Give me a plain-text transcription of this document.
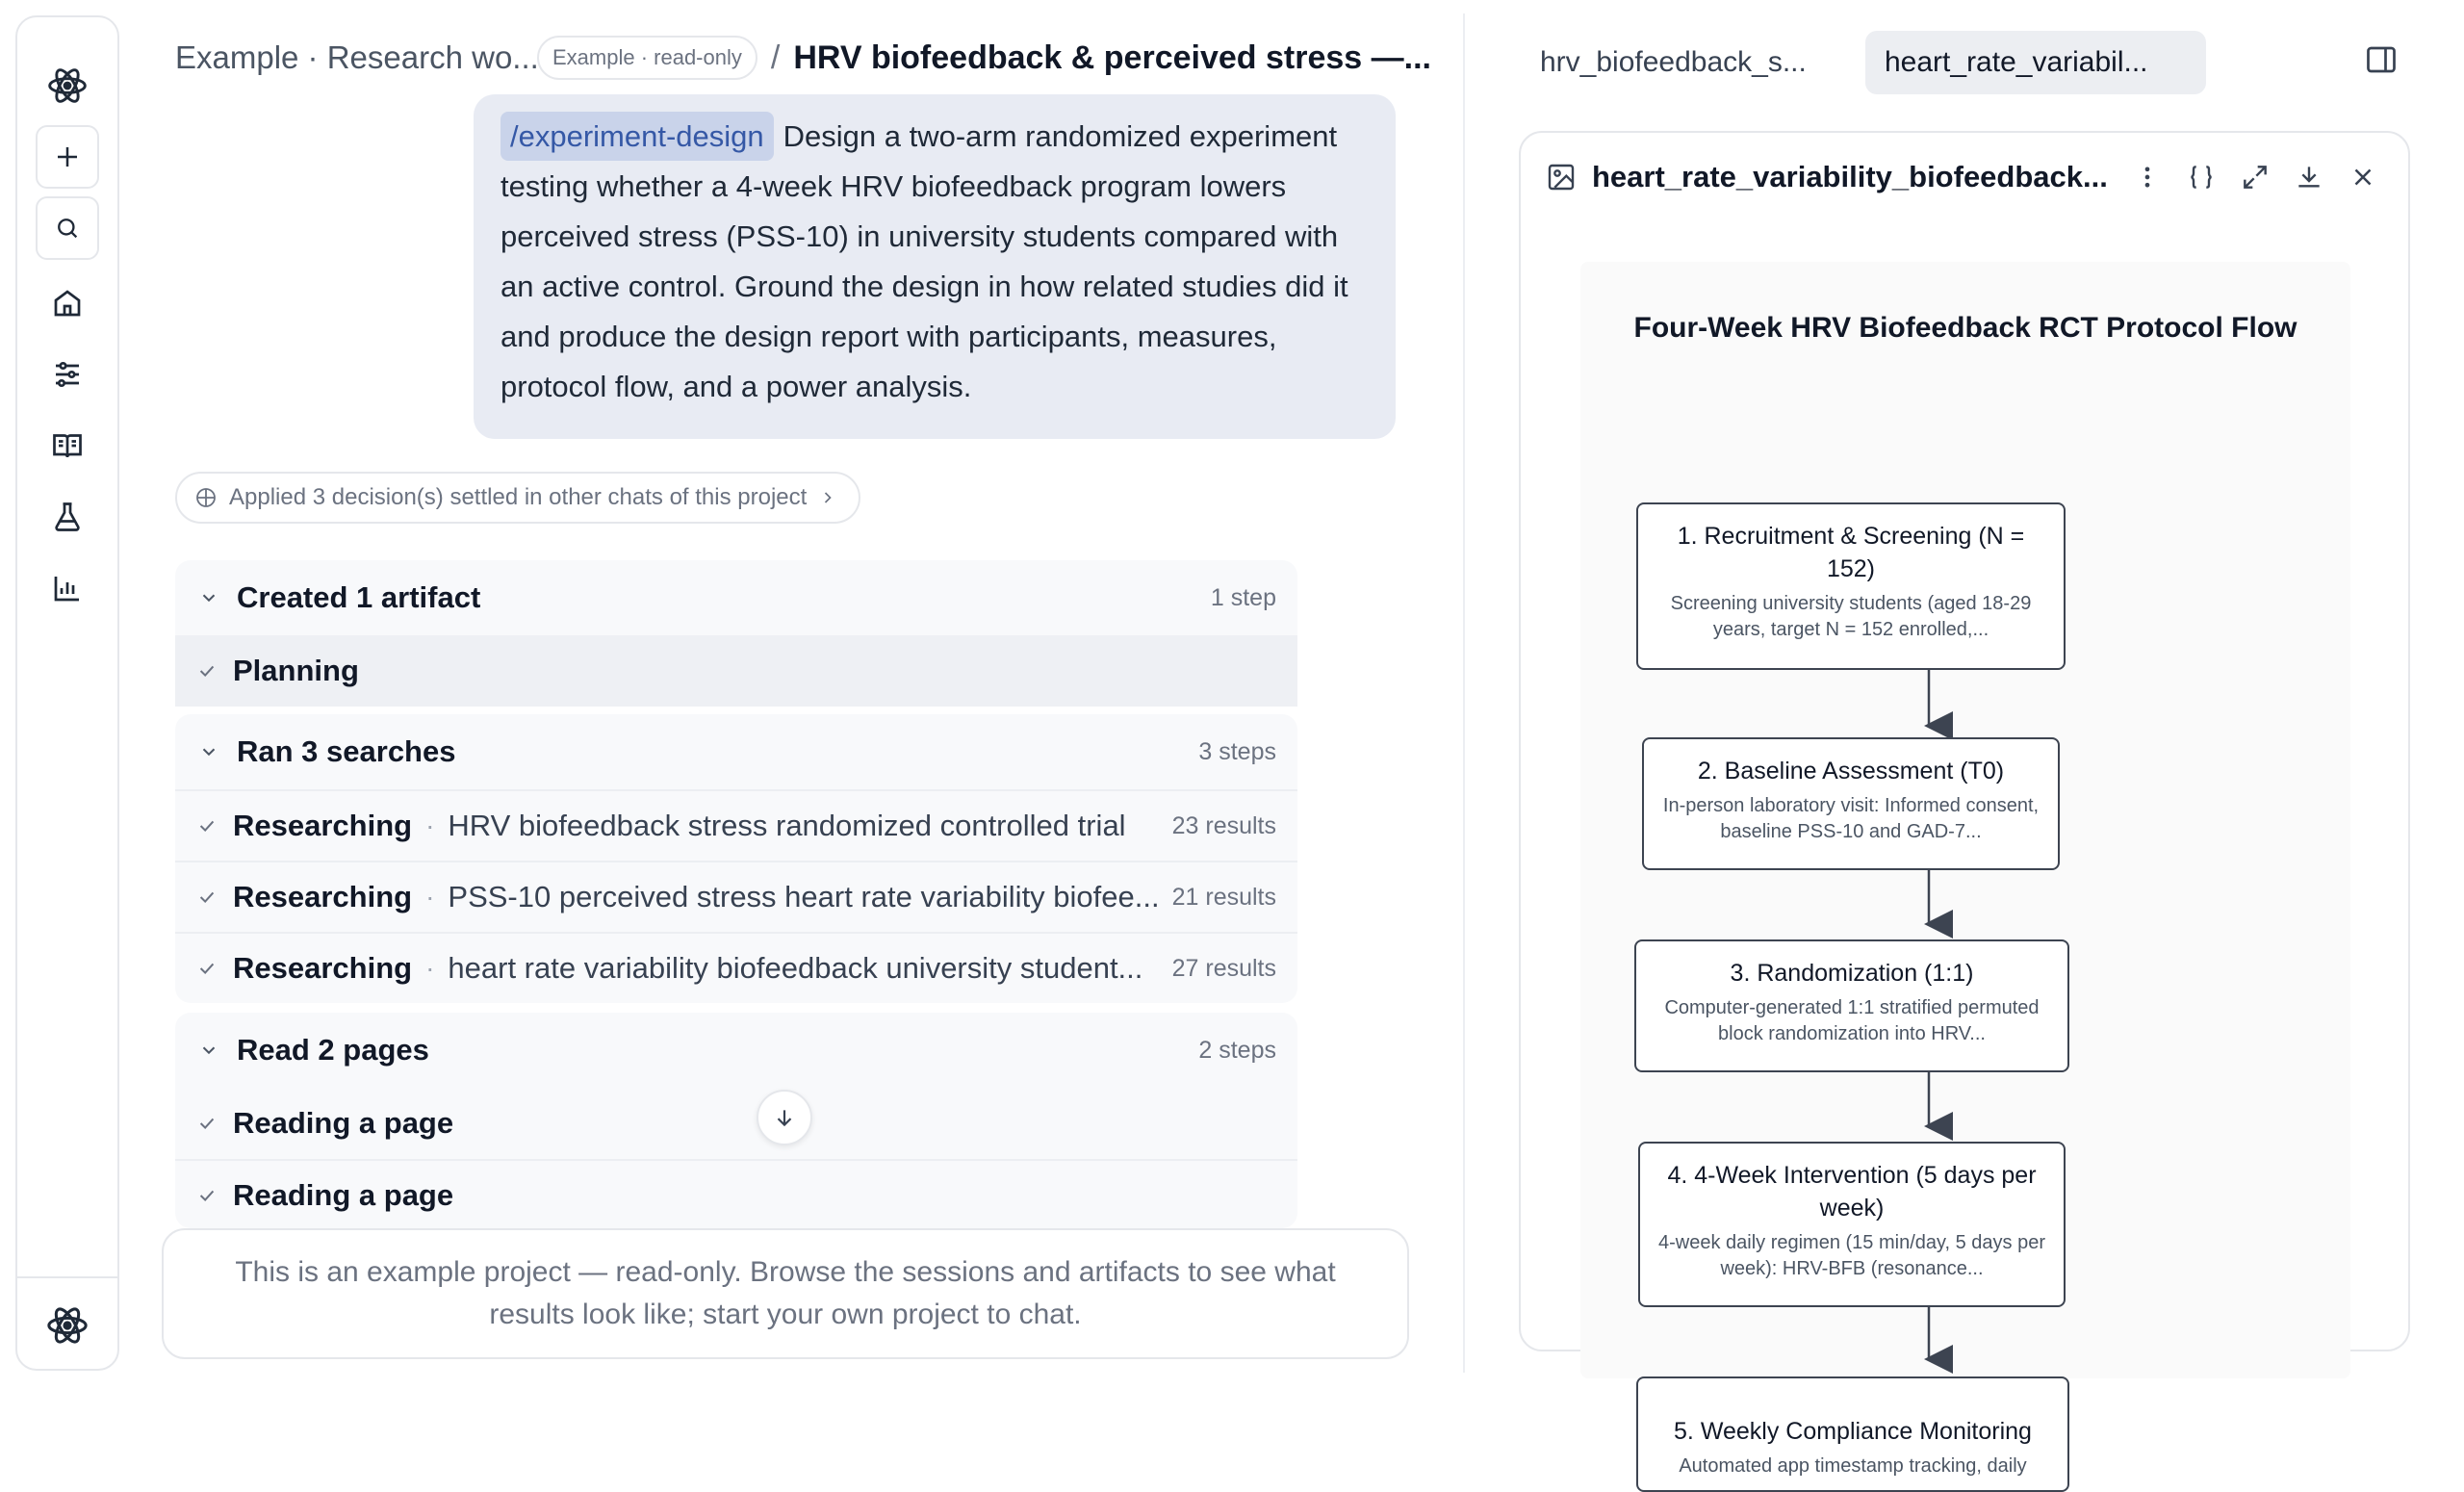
Example · Research wo... Example · read-only / HRV biofeedback & perceived stress —...
/experiment-design Design a two-arm randomized experiment testing whether a 4-week HRV biofeedback program lowers perceived stress (PSS-10) in university students compared with an active control. Ground the design in how related studies did it and produce the design report with participants, measures, protocol flow, and a power analysis.
Applied 3 decision(s) settled in other chats of this project
Created 1 artifact	1 step
Planning
Ran 3 searches	3 steps
Researching · HRV biofeedback stress randomized controlled trial	23 results
Researching · PSS-10 perceived stress heart rate variability biofee... 21 results
Researching · heart rate variability biofeedback university student...	27 results
Read 2 pages	2 steps
Reading a page
Reading a page
This is an example project — read-only. Browse the sessions and artifacts to see what results look like; start your own project to chat.
hrv_biofeedback_s...	heart_rate_variabil...
heart_rate_variability_biofeedback...
Four-Week HRV Biofeedback RCT Protocol Flow
1. Recruitment & Screening (N = 152)
Screening university students (aged 18-29 years, target N = 152 enrolled,...
2. Baseline Assessment (T0)
In-person laboratory visit: Informed consent, baseline PSS-10 and GAD-7...
3. Randomization (1:1)
Computer-generated 1:1 stratified permuted block randomization into HRV...
4. 4-Week Intervention (5 days per week)
4-week daily regimen (15 min/day, 5 days per week): HRV-BFB (resonance...
5. Weekly Compliance Monitoring
Automated app timestamp tracking, daily
